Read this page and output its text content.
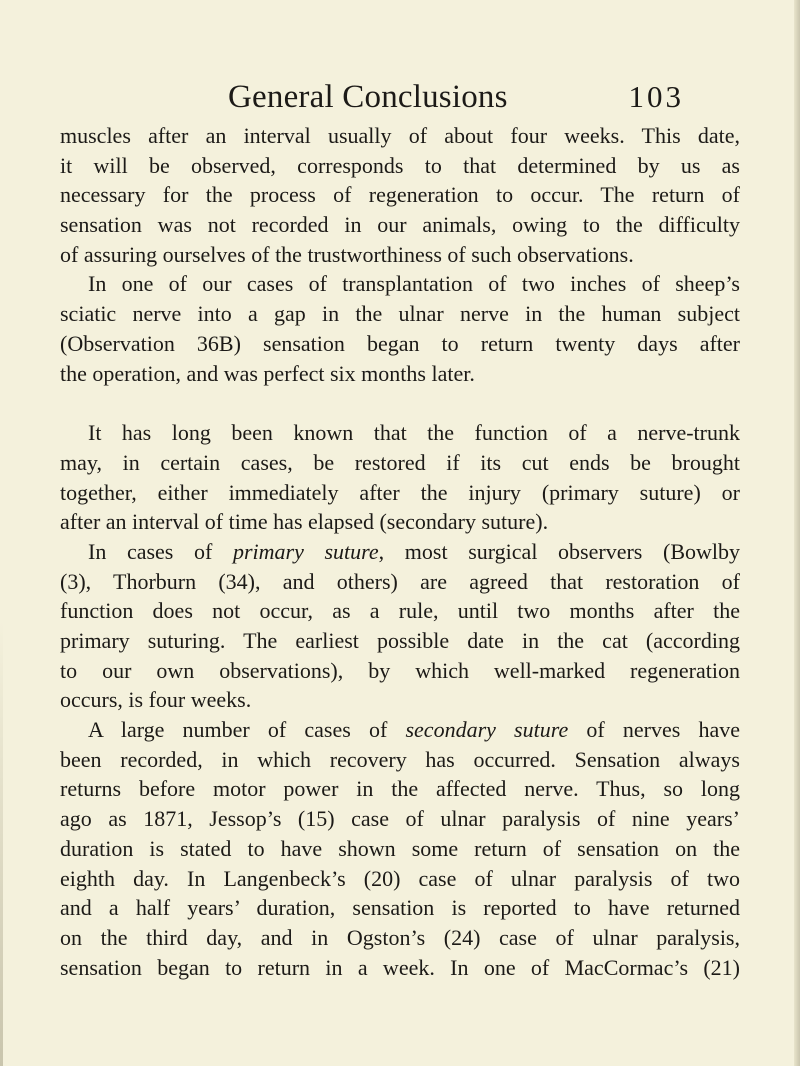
General Conclusions	103
muscles after an interval usually of about four weeks. This date,
it will be observed, corresponds to that determined by us as
necessary for the process of regeneration to occur. The return of
sensation was not recorded in our animals, owing to the difficulty
of assuring ourselves of the trustworthiness of such observations.
In one of our cases of transplantation of two inches of sheep’s
sciatic nerve into a gap in the ulnar nerve in the human subject
(Observation 36B) sensation began to return twenty days after
the operation, and was perfect six months later.
It has long been known that the function of a nerve-trunk
may, in certain cases, be restored if its cut ends be brought
together, either immediately after the injury (primary suture) or
after an interval of time has elapsed (secondary suture).
In cases of primary suture, most surgical observers (Bowlby
(3), Thorburn (34), and others) are agreed that restoration of
function does not occur, as a rule, until two months after the
primary suturing. The earliest possible date in the cat (according
to our own observations), by which well-marked regeneration
occurs, is four weeks.
A large number of cases of secondary suture of nerves have
been recorded, in which recovery has occurred. Sensation always
returns before motor power in the affected nerve. Thus, so long
ago as 1871, Jessop’s (15) case of ulnar paralysis of nine years’
duration is stated to have shown some return of sensation on the
eighth day. In Langenbeck’s (20) case of ulnar paralysis of two
and a half years’ duration, sensation is reported to have returned
on the third day, and in Ogston’s (24) case of ulnar paralysis,
sensation began to return in a week. In one of MacCormac’s (21)
